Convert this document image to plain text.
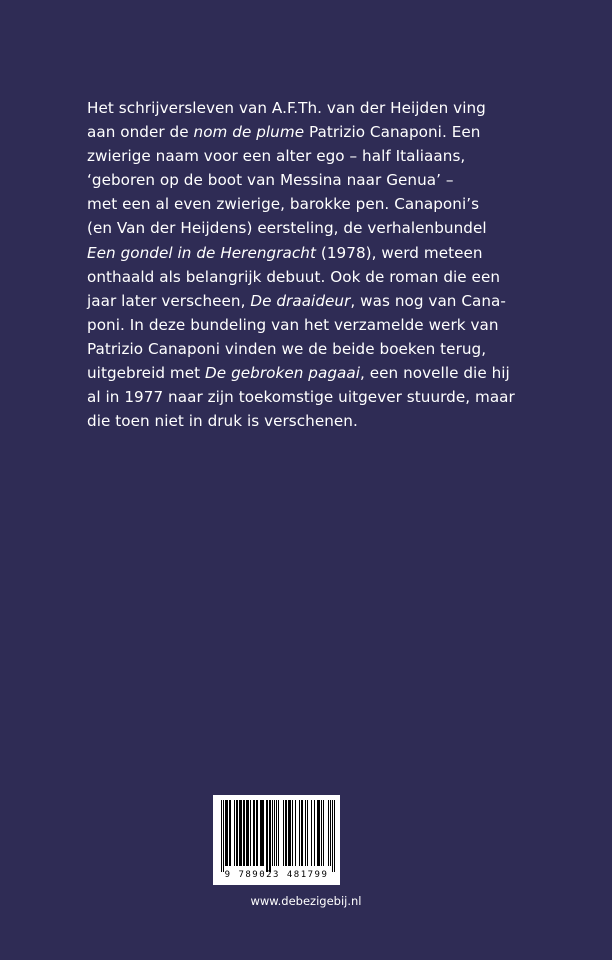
Het schrijversleven van A.F.Th. van der Heijden ving
aan onder de nom de plume Patrizio Canaponi. Een
zwierige naam voor een alter ego – half Italiaans,
‘geboren op de boot van Messina naar Genua’ –
met een al even zwierige, barokke pen. Canaponi’s
(en Van der Heijdens) eersteling, de verhalenbundel
Een gondel in de Herengracht (1978), werd meteen
onthaald als belangrijk debuut. Ook de roman die een
jaar later verscheen, De draaideur, was nog van Cana-
poni. In deze bundeling van het verzamelde werk van
Patrizio Canaponi vinden we de beide boeken terug,
uitgebreid met De gebroken pagaai, een novelle die hij
al in 1977 naar zijn toekomstige uitgever stuurde, maar
die toen niet in druk is verschenen.
9 789023 481799
www.debezigebij.nl
